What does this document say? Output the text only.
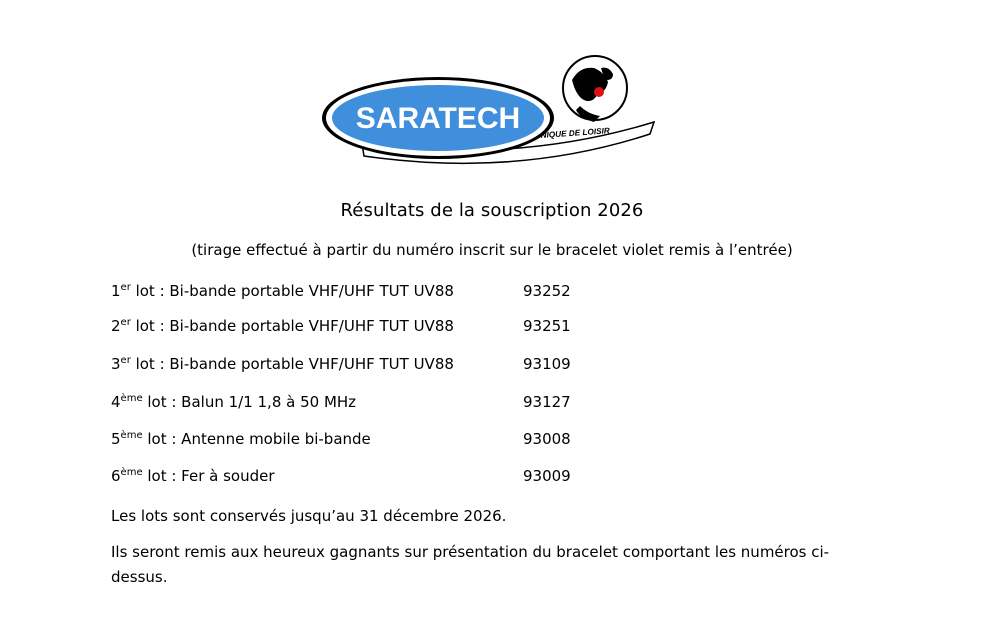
DE LOISIR
SARATECH
Résultats de la souscription 2026
(tirage effectué à partir du numéro inscrit sur le bracelet violet remis à l’entrée)
1er lot : Bi-bande portable VHF/UHF TUT UV88	93252
2er lot : Bi-bande portable VHF/UHF TUT UV88	93251
3er lot : Bi-bande portable VHF/UHF TUT UV88	93109
4ème lot : Balun 1/1 1,8 à 50 MHz	93127
5ème lot : Antenne mobile bi-bande	93008
6ème lot : Fer à souder	93009
Les lots sont conservés jusqu’au 31 décembre 2026.
Ils seront remis aux heureux gagnants sur présentation du bracelet comportant les numéros ci-dessus.
